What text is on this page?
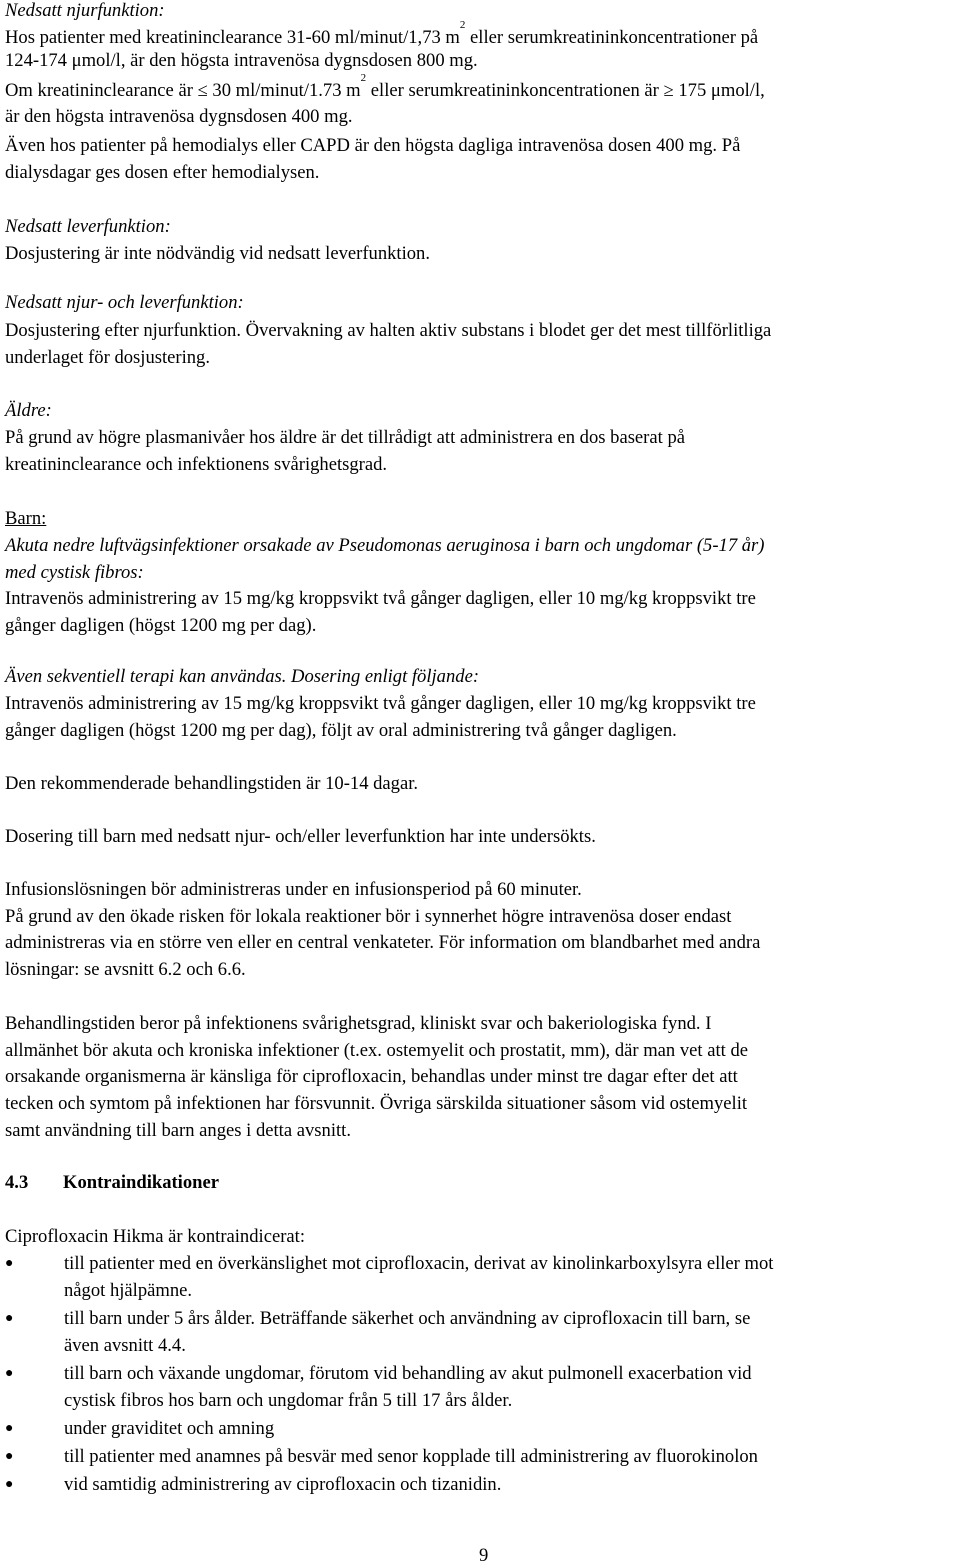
Nedsatt njurfunktion:
Hos patienter med kreatininclearance 31-60 ml/minut/1,73 $m^2$ eller serumkreatininkoncentrationer på
124-174 μmol/l, är den högsta intravenösa dygnsdosen 800 mg.
Om kreatininclearance är ≤ 30 ml/minut/1.73 $m^2$ eller serumkreatininkoncentrationen är ≥ 175 μmol/l,
är den högsta intravenösa dygnsdosen 400 mg.
Även hos patienter på hemodialys eller CAPD är den högsta dagliga intravenösa dosen 400 mg. På
dialysdagar ges dosen efter hemodialysen.
Nedsatt leverfunktion:
Dosjustering är inte nödvändig vid nedsatt leverfunktion.
Nedsatt njur- och leverfunktion:
Dosjustering efter njurfunktion. Övervakning av halten aktiv substans i blodet ger det mest tillförlitliga
underlaget för dosjustering.
Äldre:
På grund av högre plasmanivåer hos äldre är det tillrådigt att administrera en dos baserat på
kreatininclearance och infektionens svårighetsgrad.
Barn:
Akuta nedre luftvägsinfektioner orsakade av Pseudomonas aeruginosa i barn och ungdomar (5-17 år)
med cystisk fibros:
Intravenös administrering av 15 mg/kg kroppsvikt två gånger dagligen, eller 10 mg/kg kroppsvikt tre
gånger dagligen (högst 1200 mg per dag).
Även sekventiell terapi kan användas. Dosering enligt följande:
Intravenös administrering av 15 mg/kg kroppsvikt två gånger dagligen, eller 10 mg/kg kroppsvikt tre
gånger dagligen (högst 1200 mg per dag), följt av oral administrering två gånger dagligen.
Den rekommenderade behandlingstiden är 10-14 dagar.
Dosering till barn med nedsatt njur- och/eller leverfunktion har inte undersökts.
Infusionslösningen bör administreras under en infusionsperiod på 60 minuter.
På grund av den ökade risken för lokala reaktioner bör i synnerhet högre intravenösa doser endast
administreras via en större ven eller en central venkateter. För information om blandbarhet med andra
lösningar: se avsnitt 6.2 och 6.6.
Behandlingstiden beror på infektionens svårighetsgrad, kliniskt svar och bakeriologiska fynd. I
allmänhet bör akuta och kroniska infektioner (t.ex. ostemyelit och prostatit, mm), där man vet att de
orsakande organismerna är känsliga för ciprofloxacin, behandlas under minst tre dagar efter det att
tecken och symtom på infektionen har försvunnit. Övriga särskilda situationer såsom vid ostemyelit
samt användning till barn anges i detta avsnitt.
4.3 Kontraindikationer
Ciprofloxacin Hikma är kontraindicerat:
●	till patienter med en överkänslighet mot ciprofloxacin, derivat av kinolinkarboxylsyra eller mot
något hjälpämne.
●	till barn under 5 års ålder. Beträffande säkerhet och användning av ciprofloxacin till barn, se
även avsnitt 4.4.
●	till barn och växande ungdomar, förutom vid behandling av akut pulmonell exacerbation vid
cystisk fibros hos barn och ungdomar från 5 till 17 års ålder.
●	under graviditet och amning
●	till patienter med anamnes på besvär med senor kopplade till administrering av fluorokinolon
●	vid samtidig administrering av ciprofloxacin och tizanidin.
9
